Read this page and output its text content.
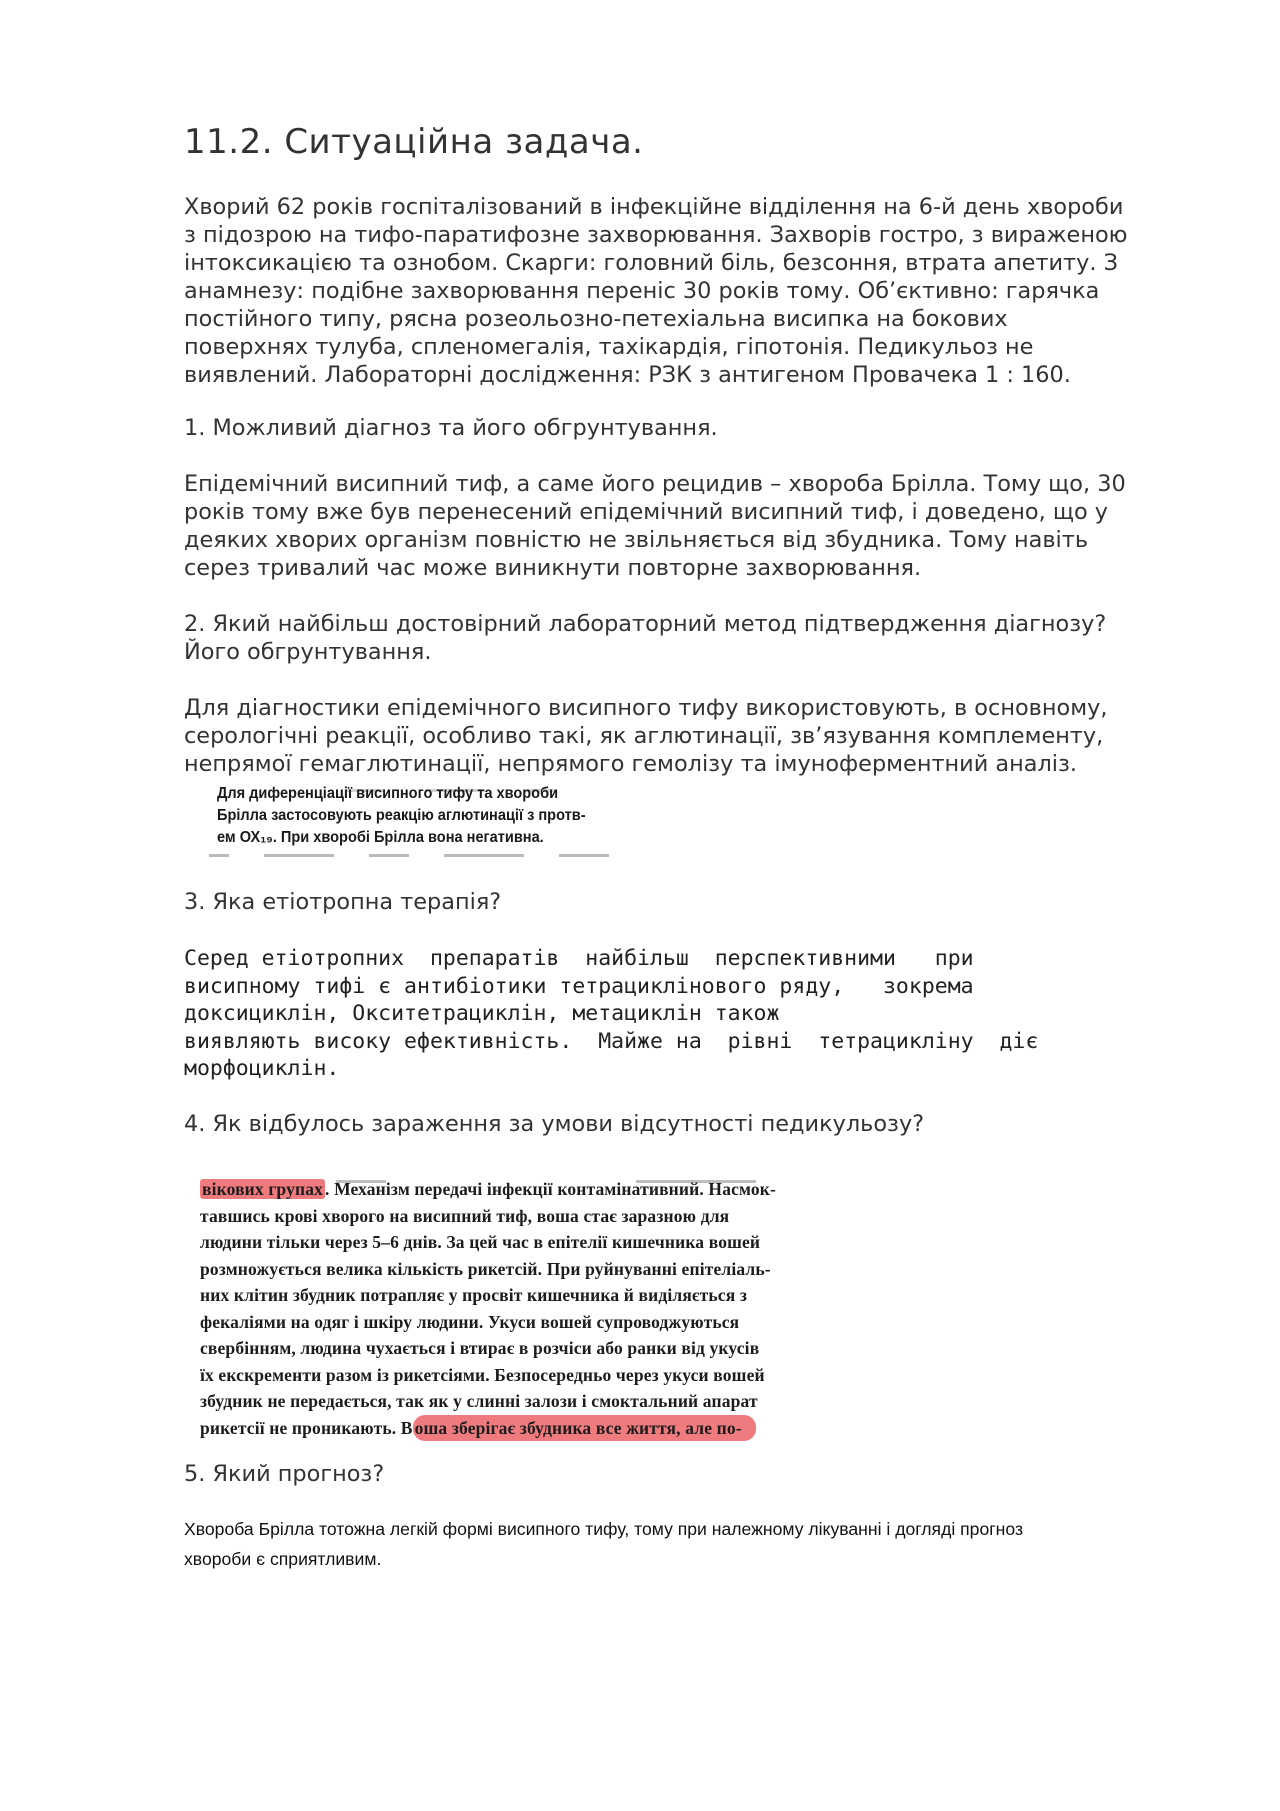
11.2. Ситуаційна задача.
Хворий 62 років госпіталізований в інфекційне відділення на 6-й день хвороби
з підозрою на тифо-паратифозне захворювання. Захворів гостро, з вираженою
інтоксикацією та ознобом. Скарги: головний біль, безсоння, втрата апетиту. З
анамнезу: подібне захворювання переніс 30 років тому. Об’єктивно: гарячка
постійного типу, рясна розеольозно-петехіальна висипка на бокових
поверхнях тулуба, спленомегалія, тахікардія, гіпотонія. Педикульоз не
виявлений. Лабораторні дослідження: РЗК з антигеном Провачека 1 : 160.
1. Можливий діагноз та його обгрунтування.
Епідемічний висипний тиф, а саме його рецидив – хвороба Брілла. Тому що, 30
років тому вже був перенесений епідемічний висипний тиф, і доведено, що у
деяких хворих організм повністю не звільняється від збудника. Тому навіть
серез тривалий час може виникнути повторне захворювання.
2. Який найбільш достовірний лабораторний метод підтвердження діагнозу?
Його обгрунтування.
Для діагностики епідемічного висипного тифу використовують, в основному,
серологічні реакції, особливо такі, як аглютинації, зв’язування комплементу,
непрямої гемаглютинації, непрямого гемолізу та імуноферментний аналіз.
Для диференціації висипного тифу та хвороби
Брілла застосовують реакцію аглютинації з протв-
ем ОХ₁₉. При хворобі Брілла вона негативна.
3. Яка етіотропна терапія?
Серед етіотропних  препаратів  найбільш  перспективними   при
висипному тифі є антибіотики тетрациклінового ряду,   зокрема
доксициклін, Окситетрациклін, метациклін також
виявляють високу ефективність.  Майже на  рівні  тетрацикліну  діє
морфоциклін.
4. Як відбулось зараження за умови відсутності педикульозу?
вікових групах . Механізм передачі інфекції контамінативний. Насмок-
тавшись крові хворого на висипний тиф, воша стає заразною для
людини тільки через 5–6 днів. За цей час в епітелії кишечника вошей
розмножується велика кількість рикетсій. При руйнуванні епітеліаль-
них клітин збудник потрапляє у просвіт кишечника й виділяється з
фекаліями на одяг і шкіру людини. Укуси вошей супроводжуються
свербінням, людина чухається і втирає в розчіси або ранки від укусів
їх екскременти разом із рикетсіями. Безпосередньо через укуси вошей
збудник не передається, так як у слинні залози і смоктальний апарат
рикетсії не проникають. В оша зберігає збудника все життя, але по-
5. Який прогноз?
Хвороба Брілла тотожна легкій формі висипного тифу, тому при належному лікуванні і догляді прогноз
хвороби є сприятливим.
